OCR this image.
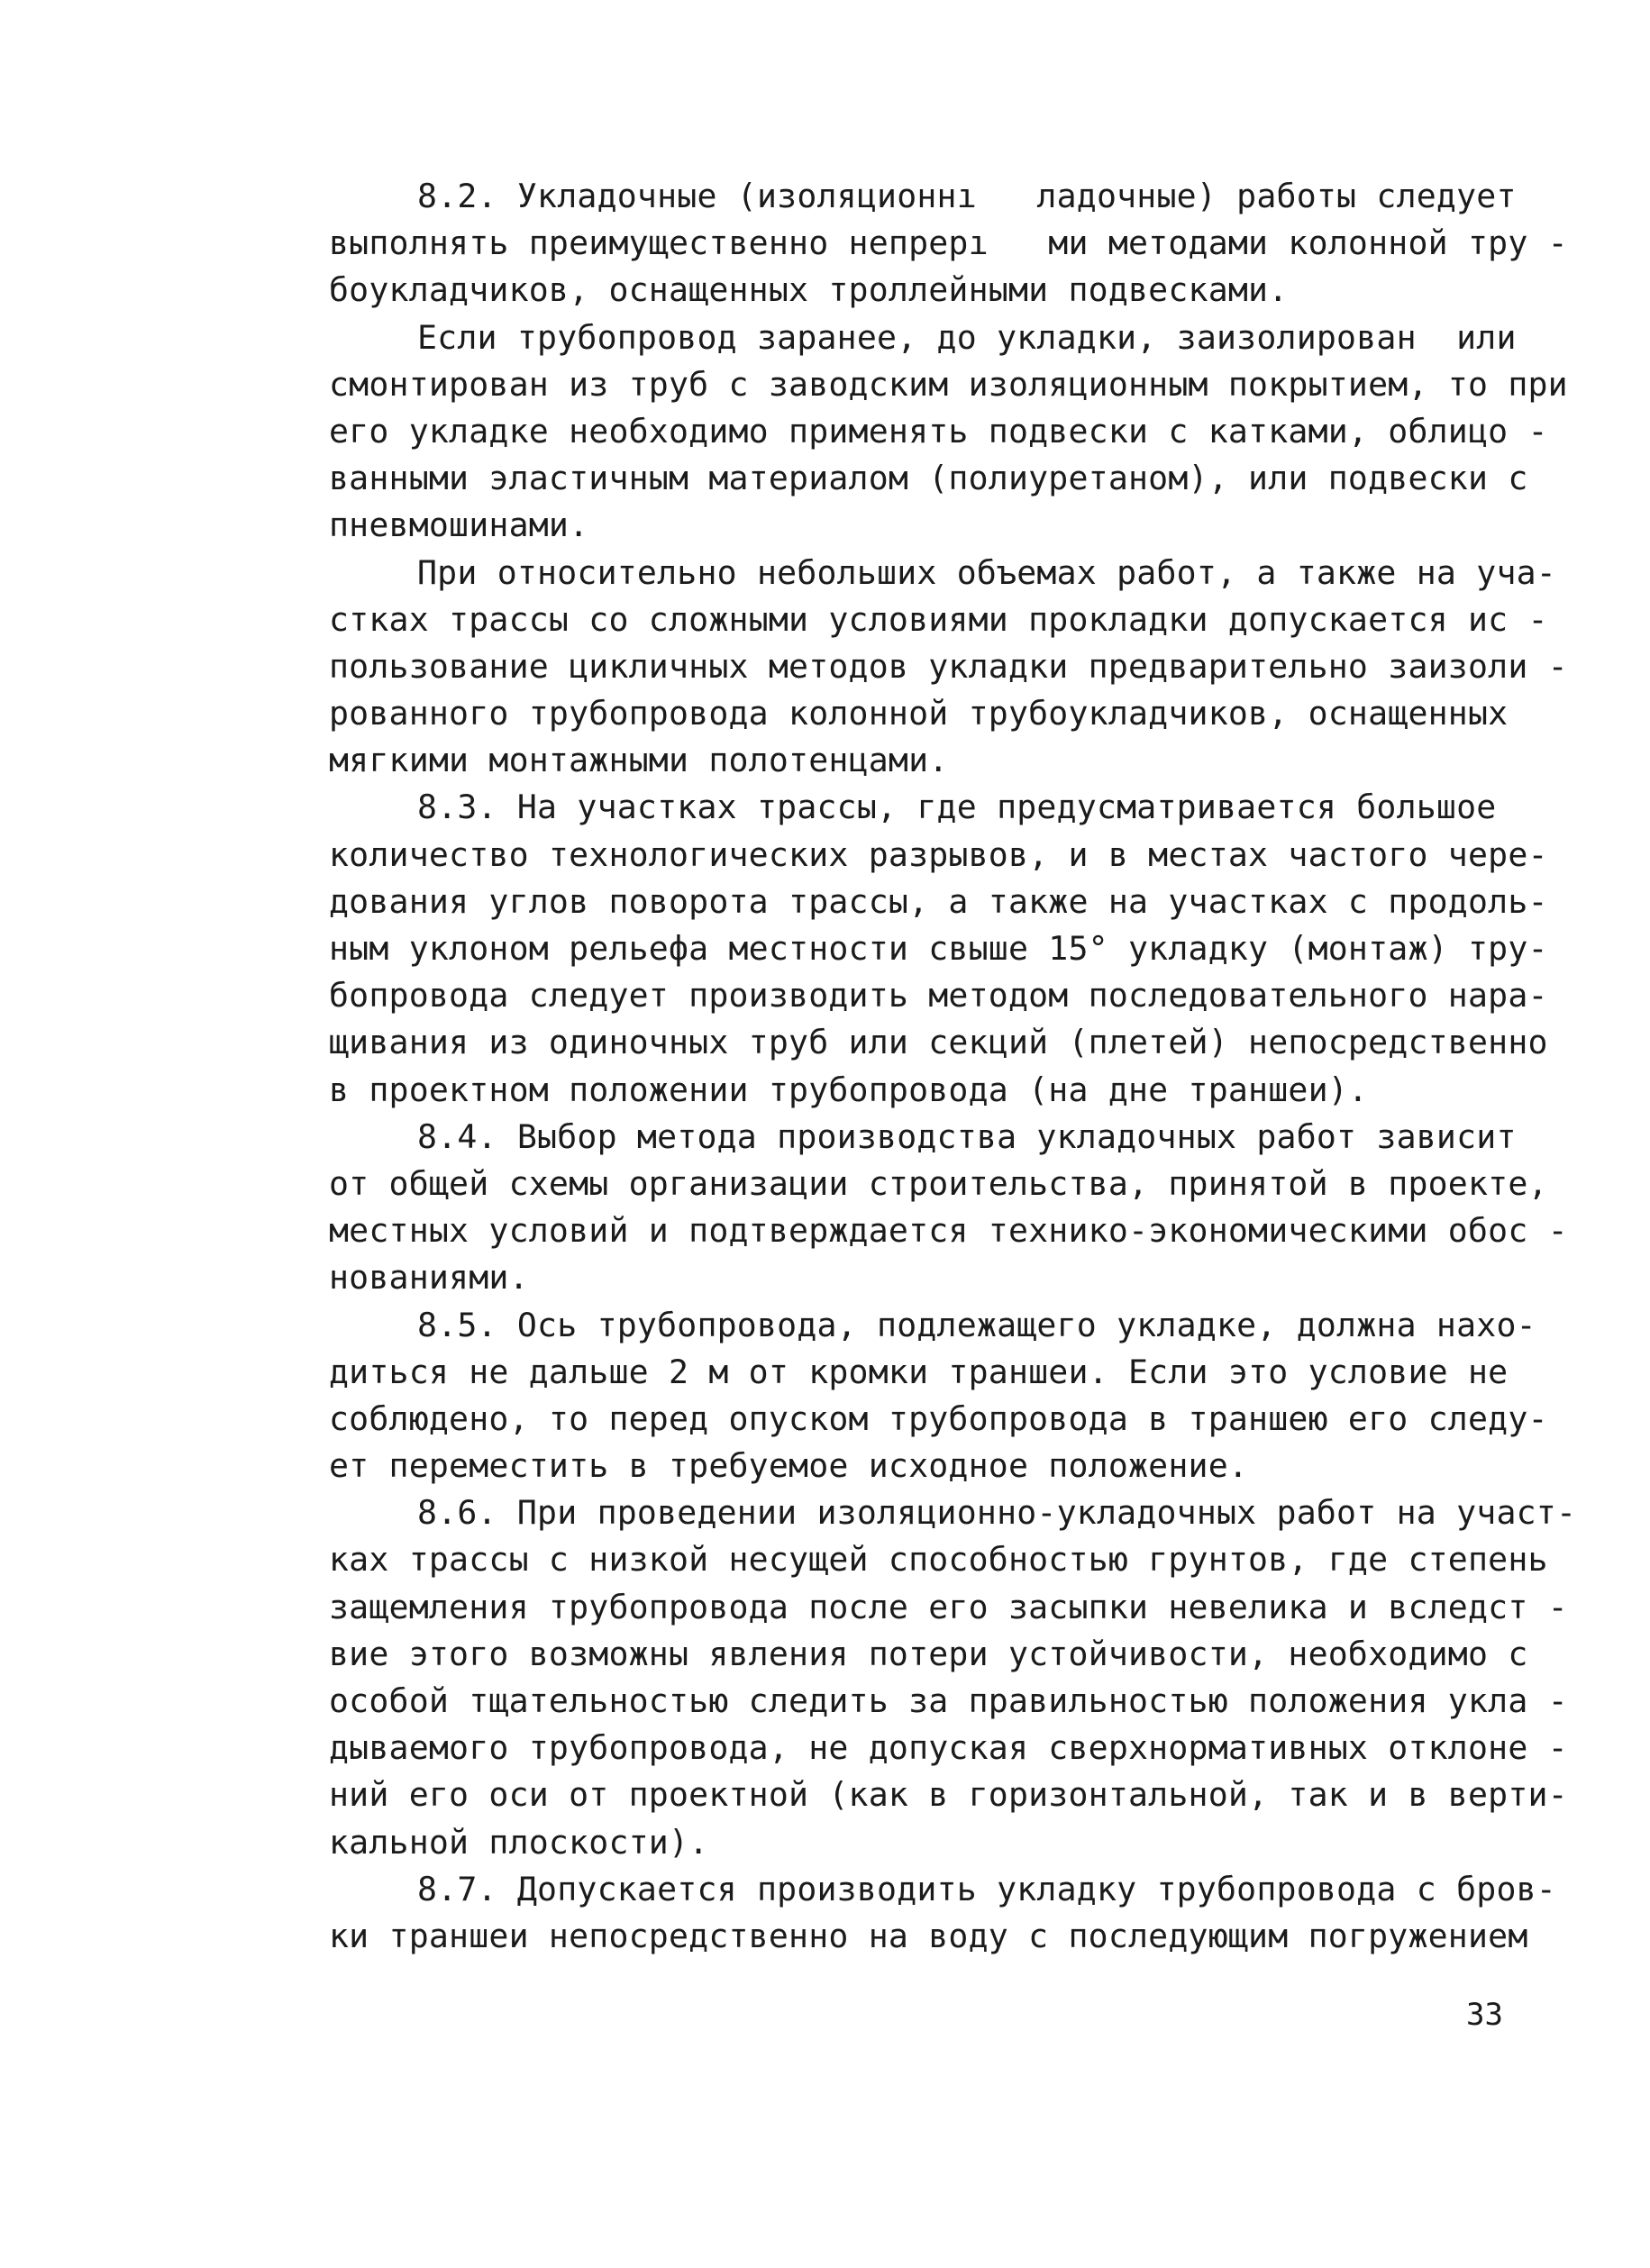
8.2. Укладочные (изоляционнı   ладочные) работы следует
выполнять преимущественно непрерı   ми методами колонной тру -
боукладчиков, оснащенных троллейными подвесками.
Если трубопровод заранее, до укладки, заизолирован  или
смонтирован из труб с заводским изоляционным покрытием, то при
его укладке необходимо применять подвески с катками, облицо -
ванными эластичным материалом (полиуретаном), или подвески с
пневмошинами.
При относительно небольших объемах работ, а также на уча-
стках трассы со сложными условиями прокладки допускается ис -
пользование цикличных методов укладки предварительно заизоли -
рованного трубопровода колонной трубоукладчиков, оснащенных
мягкими монтажными полотенцами.
8.3. На участках трассы, где предусматривается большое
количество технологических разрывов, и в местах частого чере-
дования углов поворота трассы, а также на участках с продоль-
ным уклоном рельефа местности свыше 15° укладку (монтаж) тру-
бопровода следует производить методом последовательного нара-
щивания из одиночных труб или секций (плетей) непосредственно
в проектном положении трубопровода (на дне траншеи).
8.4. Выбор метода производства укладочных работ зависит
от общей схемы организации строительства, принятой в проекте,
местных условий и подтверждается технико-экономическими обос -
нованиями.
8.5. Ось трубопровода, подлежащего укладке, должна нахо-
диться не дальше 2 м от кромки траншеи. Если это условие не
соблюдено, то перед опуском трубопровода в траншею его следу-
ет переместить в требуемое исходное положение.
8.6. При проведении изоляционно-укладочных работ на участ-
ках трассы с низкой несущей способностью грунтов, где степень
защемления трубопровода после его засыпки невелика и вследст -
вие этого возможны явления потери устойчивости, необходимо с
особой тщательностью следить за правильностью положения укла -
дываемого трубопровода, не допуская сверхнормативных отклоне -
ний его оси от проектной (как в горизонтальной, так и в верти-
кальной плоскости).
8.7. Допускается производить укладку трубопровода с бров-
ки траншеи непосредственно на воду с последующим погружением
33
